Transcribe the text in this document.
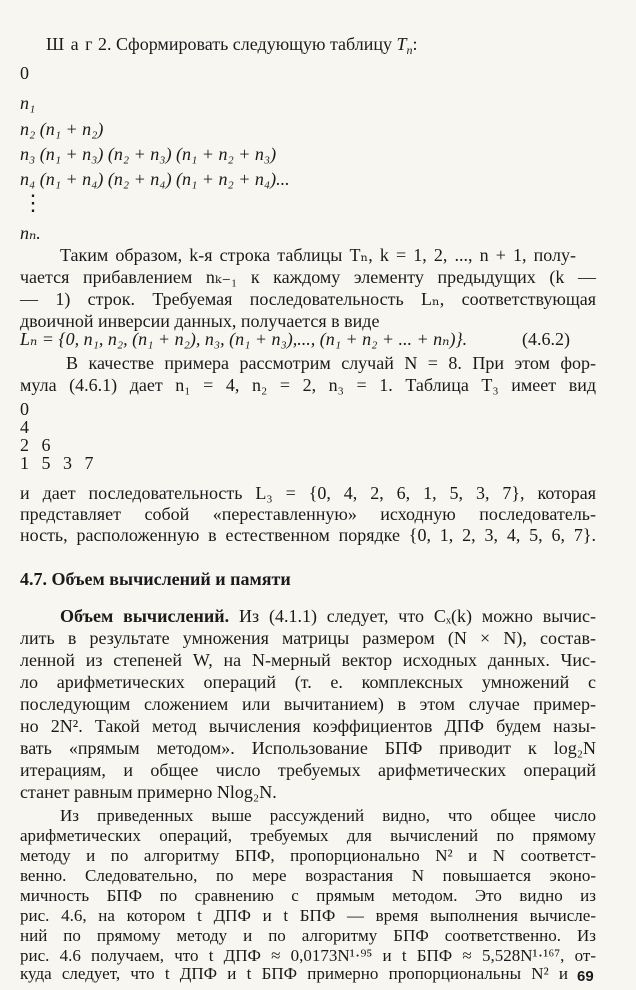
Ш а г 2. Сформировать следующую таблицу $T_n$:
0
n₁
n₂ (n₁ + n₂)
n₃ (n₁ + n₃) (n₂ + n₃) (n₁ + n₂ + n₃)
n₄ (n₁ + n₄) (n₂ + n₄) (n₁ + n₂ + n₄)...
⋮
nₙ.
Таким образом, k-я строка таблицы Tₙ, k = 1, 2, ..., n + 1, полу-
чается прибавлением nₖ₋₁ к каждому элементу предыдущих (k —
— 1) строк. Требуемая последовательность Lₙ, соответствующая
двоичной инверсии данных, получается в виде
Lₙ = {0, n₁, n₂, (n₁ + n₂), n₃, (n₁ + n₃),..., (n₁ + n₂ + ... + nₙ)}.	(4.6.2)
В качестве примера рассмотрим случай N = 8. При этом фор-
мула (4.6.1) дает n₁ = 4, n₂ = 2, n₃ = 1. Таблица T₃ имеет вид
0
4
2 6
1 5 3 7
и дает последовательность L₃ = {0, 4, 2, 6, 1, 5, 3, 7}, которая
представляет собой «переставленную» исходную последователь-
ность, расположенную в естественном порядке {0, 1, 2, 3, 4, 5, 6, 7}.
4.7. Объем вычислений и памяти
Объем вычислений. Из (4.1.1) следует, что Cₓ(k) можно вычис-
лить в результате умножения матрицы размером (N × N), состав-
ленной из степеней W, на N-мерный вектор исходных данных. Чис-
ло арифметических операций (т. е. комплексных умножений с
последующим сложением или вычитанием) в этом случае пример-
но 2N². Такой метод вычисления коэффициентов ДПФ будем назы-
вать «прямым методом». Использование БПФ приводит к log₂N
итерациям, и общее число требуемых арифметических операций
станет равным примерно Nlog₂N.
Из приведенных выше рассуждений видно, что общее число
арифметических операций, требуемых для вычислений по прямому
методу и по алгоритму БПФ, пропорционально N² и N соответст-
венно. Следовательно, по мере возрастания N повышается эконо-
мичность БПФ по сравнению с прямым методом. Это видно из
рис. 4.6, на котором t ДПФ и t БПФ — время выполнения вычисле-
ний по прямому методу и по алгоритму БПФ соответственно. Из
69
рис. 4.6 получаем, что t ДПФ ≈ 0,0173N¹·⁹⁵ и t БПФ ≈ 5,528N¹·¹⁶⁷, от-
куда следует, что t ДПФ и t БПФ примерно пропорциональны N² и
